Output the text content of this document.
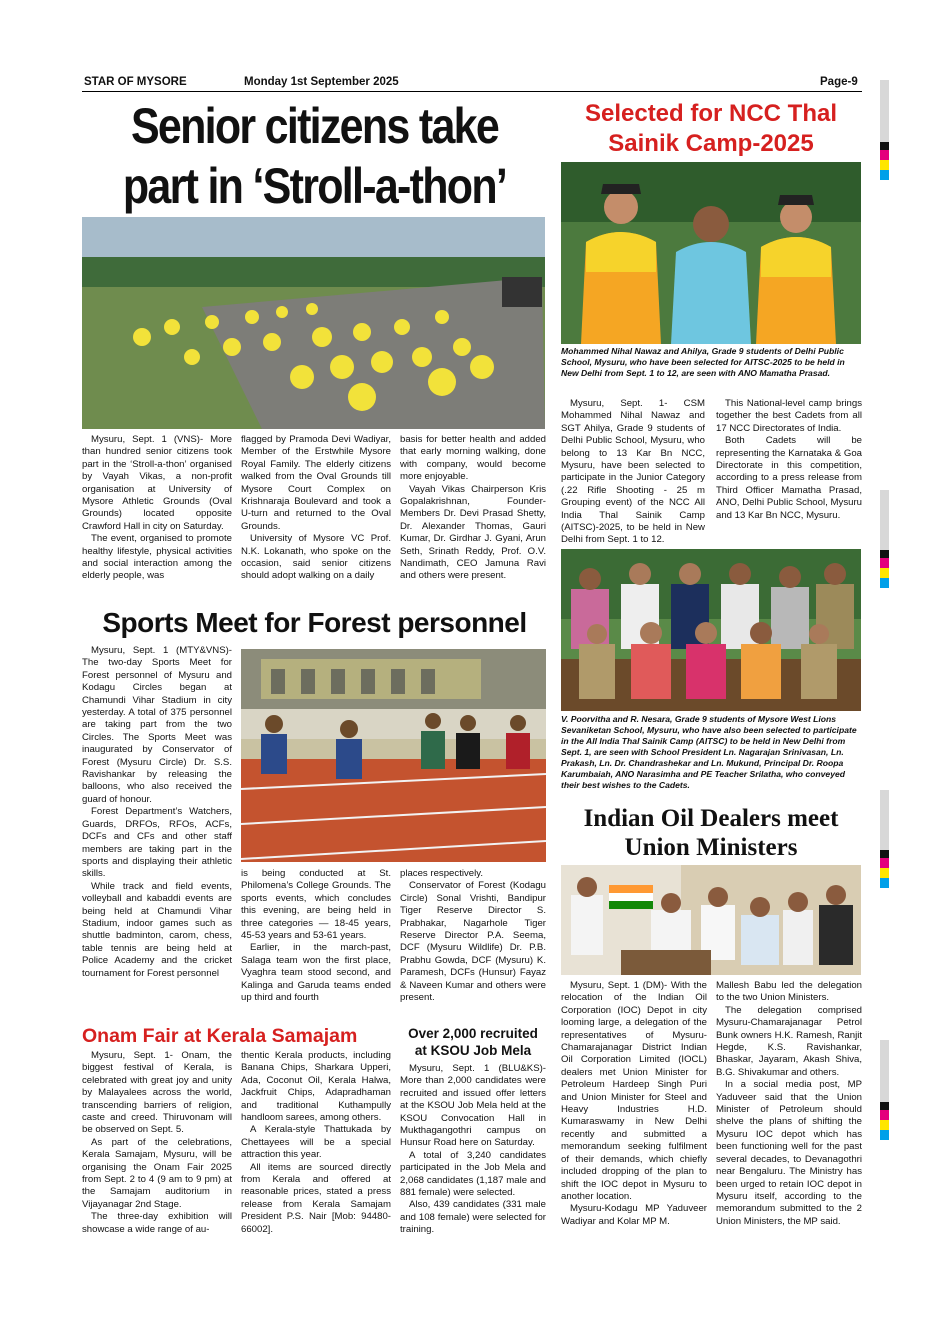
STAR OF MYSORE	Monday 1st September 2025	Page-9
Senior citizens take
part in ‘Stroll-a-thon’

Mysuru, Sept. 1 (VNS)- More than hundred senior citizens took part in the ‘Stroll-a-thon’ organised by Vayah Vikas, a non-profit organisation at University of Mysore Athletic Grounds (Oval Grounds) located opposite Crawford Hall in city on Saturday.

The event, organised to promote healthy lifestyle, physical activities and social interaction among the elderly people, was

flagged by Pramoda Devi Wadiyar, Member of the Erstwhile Mysore Royal Family. The elderly citizens walked from the Oval Grounds till Mysore Court Complex on Krishnaraja Boulevard and took a U-turn and returned to the Oval Grounds.

University of Mysore VC Prof. N.K. Lokanath, who spoke on the occasion, said senior citizens should adopt walking on a daily

basis for better health and added that early morning walking, done with company, would become more enjoyable.

Vayah Vikas Chairperson Kris Gopalakrishnan, Founder-Members Dr. Devi Prasad Shetty, Dr. Alexander Thomas, Gauri Kumar, Dr. Girdhar J. Gyani, Arun Seth, Srinath Reddy, Prof. O.V. Nandimath, CEO Jamuna Ravi and others were present.

Selected for NCC Thal
Sainik Camp-2025
Mohammed Nihal Nawaz and Ahilya, Grade 9 students of Delhi Public School, Mysuru, who have been selected for AITSC-2025 to be held in New Delhi from Sept. 1 to 12, are seen with ANO Mamatha Prasad.

Mysuru, Sept. 1- CSM Mohammed Nihal Nawaz and SGT Ahilya, Grade 9 students of Delhi Public School, Mysuru, who belong to 13 Kar Bn NCC, Mysuru, have been selected to participate in the Junior Category (.22 Rifle Shooting - 25 m Grouping event) of the NCC All India Thal Sainik Camp (AITSC)-2025, to be held in New Delhi from Sept. 1 to 12.

This National-level camp brings together the best Cadets from all 17 NCC Directorates of India.

Both Cadets will be representing the Karnataka & Goa Directorate in this competition, according to a press release from Third Officer Mamatha Prasad, ANO, Delhi Public School, Mysuru and 13 Kar Bn NCC, Mysuru.

V. Poorvitha and R. Nesara, Grade 9 students of Mysore West Lions Sevaniketan School, Mysuru, who have also been selected to participate in the All India Thal Sainik Camp (AITSC) to be held in New Delhi from Sept. 1, are seen with School President Ln. Nagarajan Srinivasan, Ln. Prakash, Ln. Dr. Chandrashekar and Ln. Mukund, Principal Dr. Roopa Karumbaiah, ANO Narasimha and PE Teacher Srilatha, who conveyed their best wishes to the Cadets.
Sports Meet for Forest personnel

Mysuru, Sept. 1 (MTY&VNS)- The two-day Sports Meet for Forest personnel of Mysuru and Kodagu Circles began at Chamundi Vihar Stadium in city yesterday. A total of 375 personnel are taking part from the two Circles. The Sports Meet was inaugurated by Conservator of Forest (Mysuru Circle) Dr. S.S. Ravishankar by releasing the balloons, who also received the guard of honour.

Forest Department’s Watchers, Guards, DRFOs, RFOs, ACFs, DCFs and CFs and other staff members are taking part in the sports and displaying their athletic skills.

While track and field events, volleyball and kabaddi events are being held at Chamundi Vihar Stadium, indoor games such as shuttle badminton, carom, chess, table tennis are being held at Police Academy and the cricket tournament for Forest personnel

is being conducted at St. Philomena’s College Grounds. The sports events, which concludes this evening, are being held in three categories — 18-45 years, 45-53 years and 53-61 years.

Earlier, in the march-past, Salaga team won the first place, Vyaghra team stood second, and Kalinga and Garuda teams ended up third and fourth

places respectively.

Conservator of Forest (Kodagu Circle) Sonal Vrishti, Bandipur Tiger Reserve Director S. Prabhakar, Nagarhole Tiger Reserve Director P.A. Seema, DCF (Mysuru Wildlife) Dr. P.B. Prabhu Gowda, DCF (Mysuru) K. Paramesh, DCFs (Hunsur) Fayaz & Naveen Kumar and others were present.

Onam Fair at Kerala Samajam

Mysuru, Sept. 1- Onam, the biggest festival of Kerala, is celebrated with great joy and unity by Malayalees across the world, transcending barriers of religion, caste and creed. Thiruvonam will be observed on Sept. 5.

As part of the celebrations, Kerala Samajam, Mysuru, will be organising the Onam Fair 2025 from Sept. 2 to 4 (9 am to 9 pm) at the Samajam auditorium in Vijayanagar 2nd Stage.

The three-day exhibition will showcase a wide range of au-

thentic Kerala products, including Banana Chips, Sharkara Upperi, Ada, Coconut Oil, Kerala Halwa, Jackfruit Chips, Adapradhaman and traditional Kuthampully handloom sarees, among others.

A Kerala-style Thattukada by Chettayees will be a special attraction this year.

All items are sourced directly from Kerala and offered at reasonable prices, stated a press release from Kerala Samajam President P.S. Nair [Mob: 94480-66002].

Over 2,000 recruited
at KSOU Job Mela

Mysuru, Sept. 1 (BLU&KS)- More than 2,000 candidates were recruited and issued offer letters at the KSOU Job Mela held at the KSOU Convocation Hall in Mukthagangothri campus on Hunsur Road here on Saturday.

A total of 3,240 candidates participated in the Job Mela and 2,068 candidates (1,187 male and 881 female) were selected.

Also, 439 candidates (331 male and 108 female) were selected for training.

Indian Oil Dealers meet
Union Ministers

Mysuru, Sept. 1 (DM)- With the relocation of the Indian Oil Corporation (IOC) Depot in city looming large, a delegation of the representatives of Mysuru-Chamarajanagar District Indian Oil Corporation Limited (IOCL) dealers met Union Minister for Petroleum Hardeep Singh Puri and Union Minister for Steel and Heavy Industries H.D. Kumaraswamy in New Delhi recently and submitted a memorandum seeking fulfilment of their demands, which chiefly included dropping of the plan to shift the IOC depot in Mysuru to another location.

Mysuru-Kodagu MP Yaduveer Wadiyar and Kolar MP M.

Mallesh Babu led the delegation to the two Union Ministers.

The delegation comprised Mysuru-Chamarajanagar Petrol Bunk owners H.K. Ramesh, Ranjit Hegde, K.S. Ravishankar, Bhaskar, Jayaram, Akash Shiva, B.G. Shivakumar and others.

In a social media post, MP Yaduveer said that the Union Minister of Petroleum should shelve the plans of shifting the Mysuru IOC depot which has been functioning well for the past several decades, to Devanagothri near Bengaluru. The Ministry has been urged to retain IOC depot in Mysuru itself, according to the memorandum submitted to the 2 Union Ministers, the MP said.
